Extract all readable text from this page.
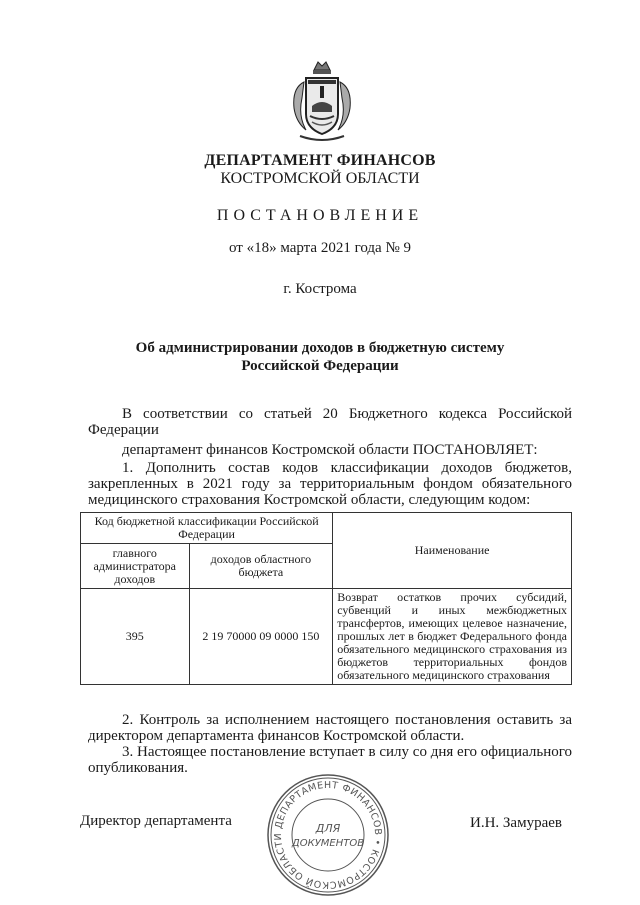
ДЕПАРТАМЕНТ ФИНАНСОВ
КОСТРОМСКОЙ ОБЛАСТИ
ПОСТАНОВЛЕНИЕ
от «18» марта 2021 года № 9
г. Кострома
Об администрировании доходов в бюджетную систему
Российской Федерации
В соответствии со статьей 20 Бюджетного кодекса Российской Федерации
департамент финансов Костромской области ПОСТАНОВЛЯЕТ:
1. Дополнить состав кодов классификации доходов бюджетов, закрепленных в 2021 году за территориальным фондом обязательного медицинского страхования Костромской области, следующим кодом:
Код бюджетной классификации Российской Федерации		Наименование
главного администратора доходов	доходов областного бюджета	
395	2 19 70000 09 0000 150	Возврат остатков прочих субсидий, субвенций и иных межбюджетных трансфертов, имеющих целевое назначение, прошлых лет в бюджет Федерального фонда обязательного медицинского страхования из бюджетов территориальных фондов обязательного медицинского страхования
2. Контроль за исполнением настоящего постановления оставить за директором департамента финансов Костромской области.
3. Настоящее постановление вступает в силу со дня его официального опубликования.
Директор департамента	И.Н. Замураев
ДЕПАРТАМЕНТ ФИНАНСОВ • КОСТРОМСКОЙ ОБЛАСТИ
ДЛЯ
ДОКУМЕНТОВ
